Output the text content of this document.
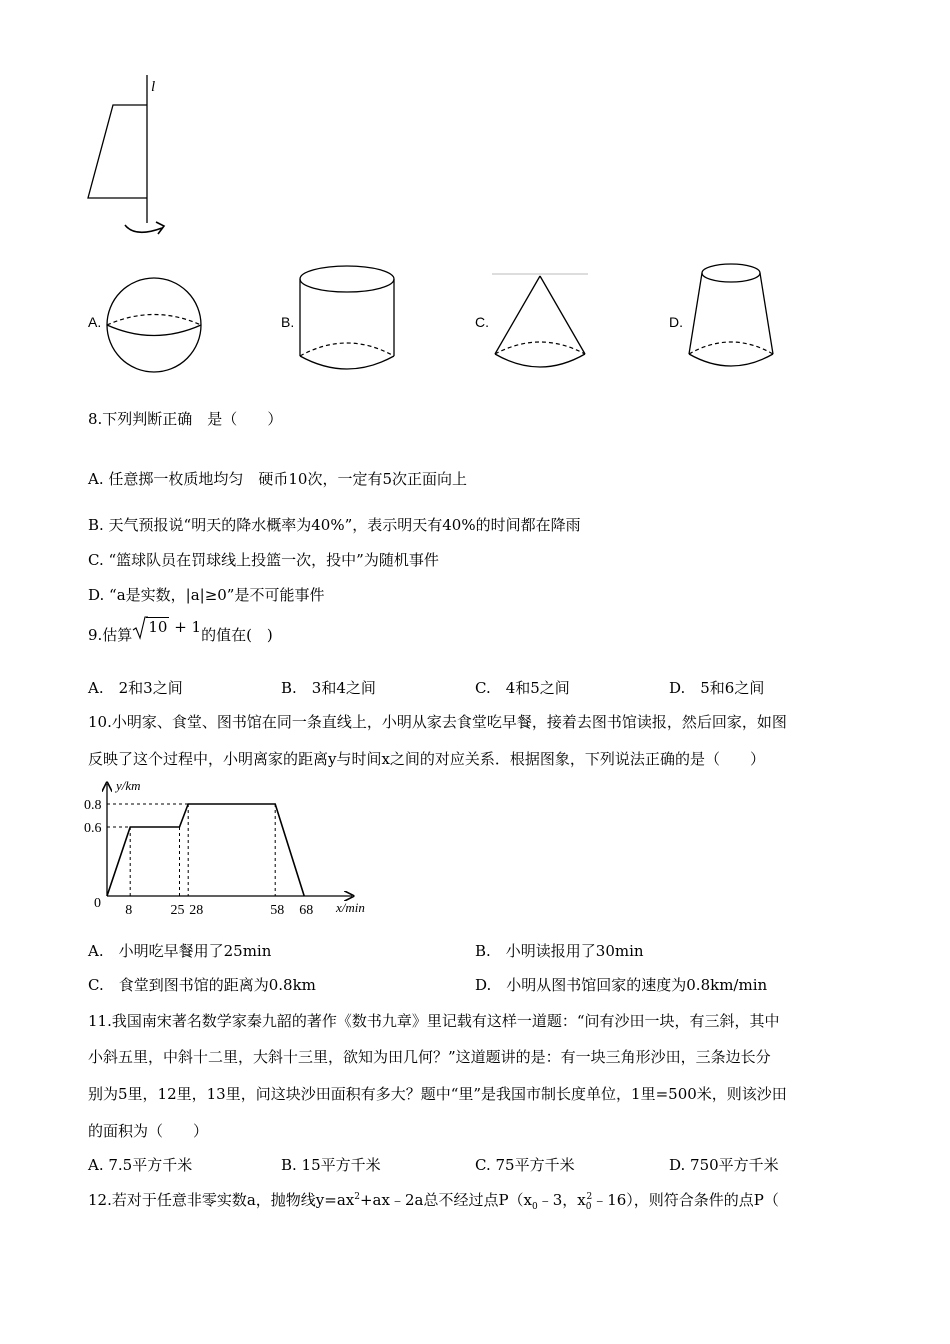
l
A.	B.	C.	D.
8.下列判断正确　是（　　）
A. 任意掷一枚质地均匀　硬币10次，一定有5次正面向上
B. 天气预报说“明天的降水概率为40%”，表示明天有40%的时间都在降雨
C. “篮球队员在罚球线上投篮一次，投中”为随机事件
D. “a是实数，|a|≥0”是不可能事件
9.估算 10 + 1的值在(　)
A.　2和3之间	B.　3和4之间	C.　4和5之间	D.　5和6之间
10.小明家、食堂、图书馆在同一条直线上，小明从家去食堂吃早餐，接着去图书馆读报，然后回家，如图
反映了这个过程中，小明离家的距离y与时间x之间的对应关系．根据图象，下列说法正确的是（　　）
y/km
x/min
0 8	25 28	58 68
0.8
0.6
A.　小明吃早餐用了25min	B.　小明读报用了30min
C.　食堂到图书馆的距离为0.8km	D.　小明从图书馆回家的速度为0.8km/min
11.我国南宋著名数学家秦九韶的著作《数书九章》里记载有这样一道题：“问有沙田一块，有三斜，其中
小斜五里，中斜十二里，大斜十三里，欲知为田几何？”这道题讲的是：有一块三角形沙田，三条边长分
别为5里，12里，13里，问这块沙田面积有多大？题中“里”是我国市制长度单位，1里=500米，则该沙田
的面积为（　　）
A. 7.5平方千米	B. 15平方千米	C. 75平方千米	D. 750平方千米
12.若对于任意非零实数a，抛物线$y=ax^2+ax﹣2a$总不经过点$P(x_0﹣3$，$x_0^2﹣16$），则符合条件的点P（
